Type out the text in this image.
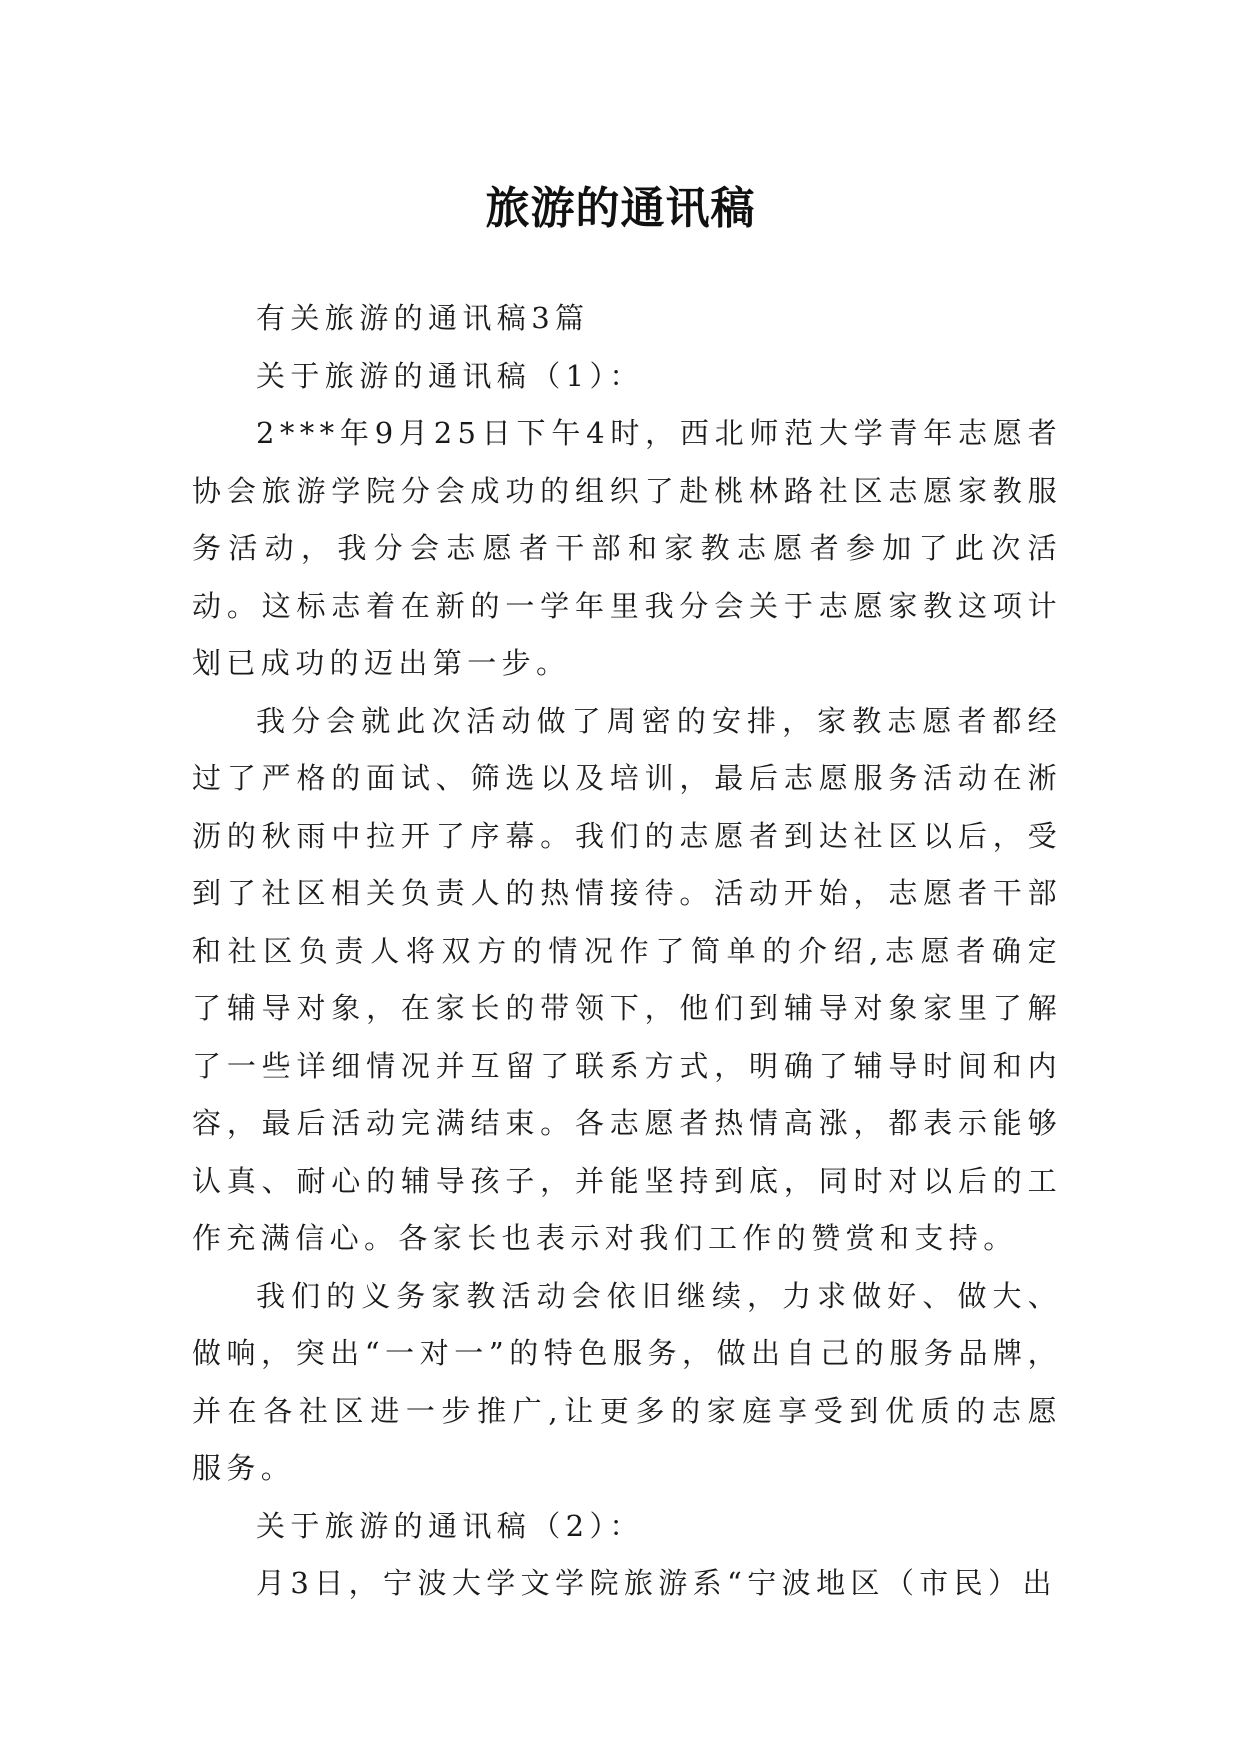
旅游的通讯稿

有关旅游的通讯稿3篇

关于旅游的通讯稿（1）：

2***年9月25日下午4时，西北师范大学青年志愿者协会旅游学院分会成功的组织了赴桃林路社区志愿家教服务活动，我分会志愿者干部和家教志愿者参加了此次活动。这标志着在新的一学年里我分会关于志愿家教这项计划已成功的迈出第一步。

我分会就此次活动做了周密的安排，家教志愿者都经过了严格的面试、筛选以及培训，最后志愿服务活动在淅沥的秋雨中拉开了序幕。我们的志愿者到达社区以后，受到了社区相关负责人的热情接待。活动开始，志愿者干部和社区负责人将双方的情况作了简单的介绍,志愿者确定了辅导对象，在家长的带领下，他们到辅导对象家里了解了一些详细情况并互留了联系方式，明确了辅导时间和内容，最后活动完满结束。各志愿者热情高涨，都表示能够认真、耐心的辅导孩子，并能坚持到底，同时对以后的工作充满信心。各家长也表示对我们工作的赞赏和支持。

我们的义务家教活动会依旧继续，力求做好、做大、做响，突出“一对一”的特色服务，做出自己的服务品牌，并在各社区进一步推广,让更多的家庭享受到优质的志愿服务。

关于旅游的通讯稿（2）：

月3日，宁波大学文学院旅游系“宁波地区（市民）出
